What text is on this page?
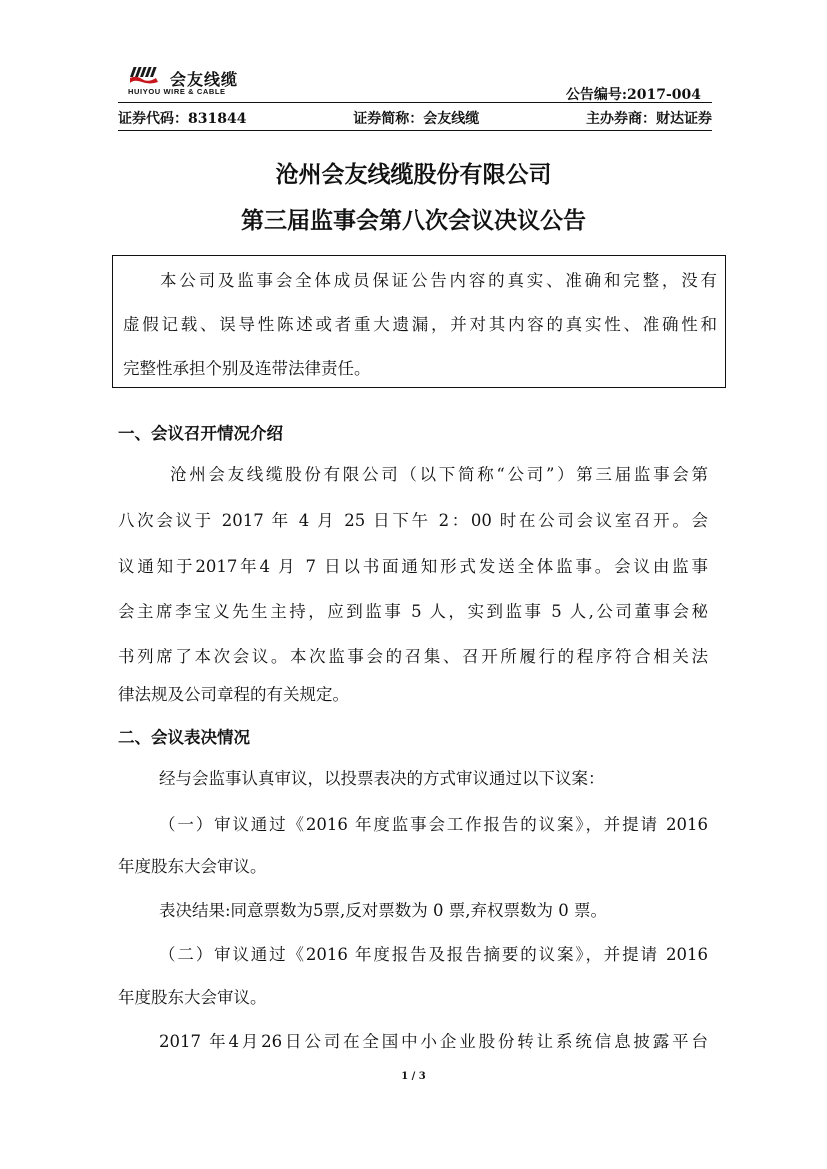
会友线缆
HUIYOU WIRE & CABLE	公告编号:2017-004
证券代码：831844	证券简称：会友线缆	主办券商：财达证券
沧州会友线缆股份有限公司
第三届监事会第八次会议决议公告

本公司及监事会全体成员保证公告内容的真实、准确和完整，没有

虚假记载、误导性陈述或者重大遗漏，并对其内容的真实性、准确性和

完整性承担个别及连带法律责任。

一、会议召开情况介绍
沧州会友线缆股份有限公司（以下简称“公司”）第三届监事会第
八次会议于 2017 年 4 月 25 日下午 2：00 时在公司会议室召开。会
议通知于2017年4 月 7 日以书面通知形式发送全体监事。会议由监事
会主席李宝义先生主持，应到监事 5 人，实到监事 5 人,公司董事会秘
书列席了本次会议。本次监事会的召集、召开所履行的程序符合相关法
律法规及公司章程的有关规定。
二、会议表决情况
经与会监事认真审议，以投票表决的方式审议通过以下议案：
（一）审议通过《2016 年度监事会工作报告的议案》，并提请 2016
年度股东大会审议。
表决结果:同意票数为5票,反对票数为 0 票,弃权票数为 0 票。
（二）审议通过《2016 年度报告及报告摘要的议案》，并提请 2016
年度股东大会审议。
2017 年4月26日公司在全国中小企业股份转让系统信息披露平台
1 / 3
